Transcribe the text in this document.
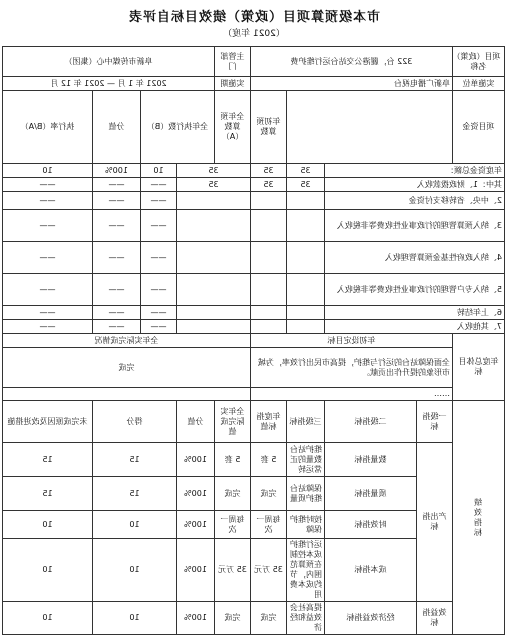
市本级预算项目（政策）绩效目标自评表
（2021 年度）
项目（政策）名称	322 台，麗港公交站台运行维护费				主管部门	阜新市传媒中心（集团）				
实施单位	阜新广播电视台				实施期	2021 年 1 月 — 2021 年 12 月				
项目资金				年初预算数	全年预算数（A）	全年执行数（B）		分值	执行率（B/A）	
年度资金总额：			35	35	35		10	100%	10	
其中：1、财政拨款收入			35	35	35		——	——	——	
2、中央、省转移支付资金							——	——	——	
3、纳入预算管理的行政事业性收费等非税收入							——	——	——	
4、纳入政府性基金预算管理收入							——	——	——	
5、纳入专户管理的行政事业性收费等非税收入							——	——	——	
6、上年结转							——	——	——	
7、其他收入							——	——	——	
年度总体目标	年初设定目标				全年实际完成情况					
	全面保障站台的运行与维护，提高市民出行效率，为城市形象的提升作出贡献。				完成					
	……									
绩效指标	一级指标	二级指标	三级指标	年度指标值	全年实际完成值	分值	得分		未完成原因及改进措施	
	产出指标	数量指标	维护站台数量的正常运转	5 套	5 套	100%	15		15	
		质量指标	保障站台维护质量	完成	完成	100%	15		15	
		时效指标	按时维护保障	每周一次	每周一次	100%	10		10	
		成本指标	运行维护成本控制在预算范围内，节约成本费用	35 万元	35 万元	100%	10		10	
	效益指标	经济效益指标	提高社会效益和经济	完成	完成	100%	10		10	
